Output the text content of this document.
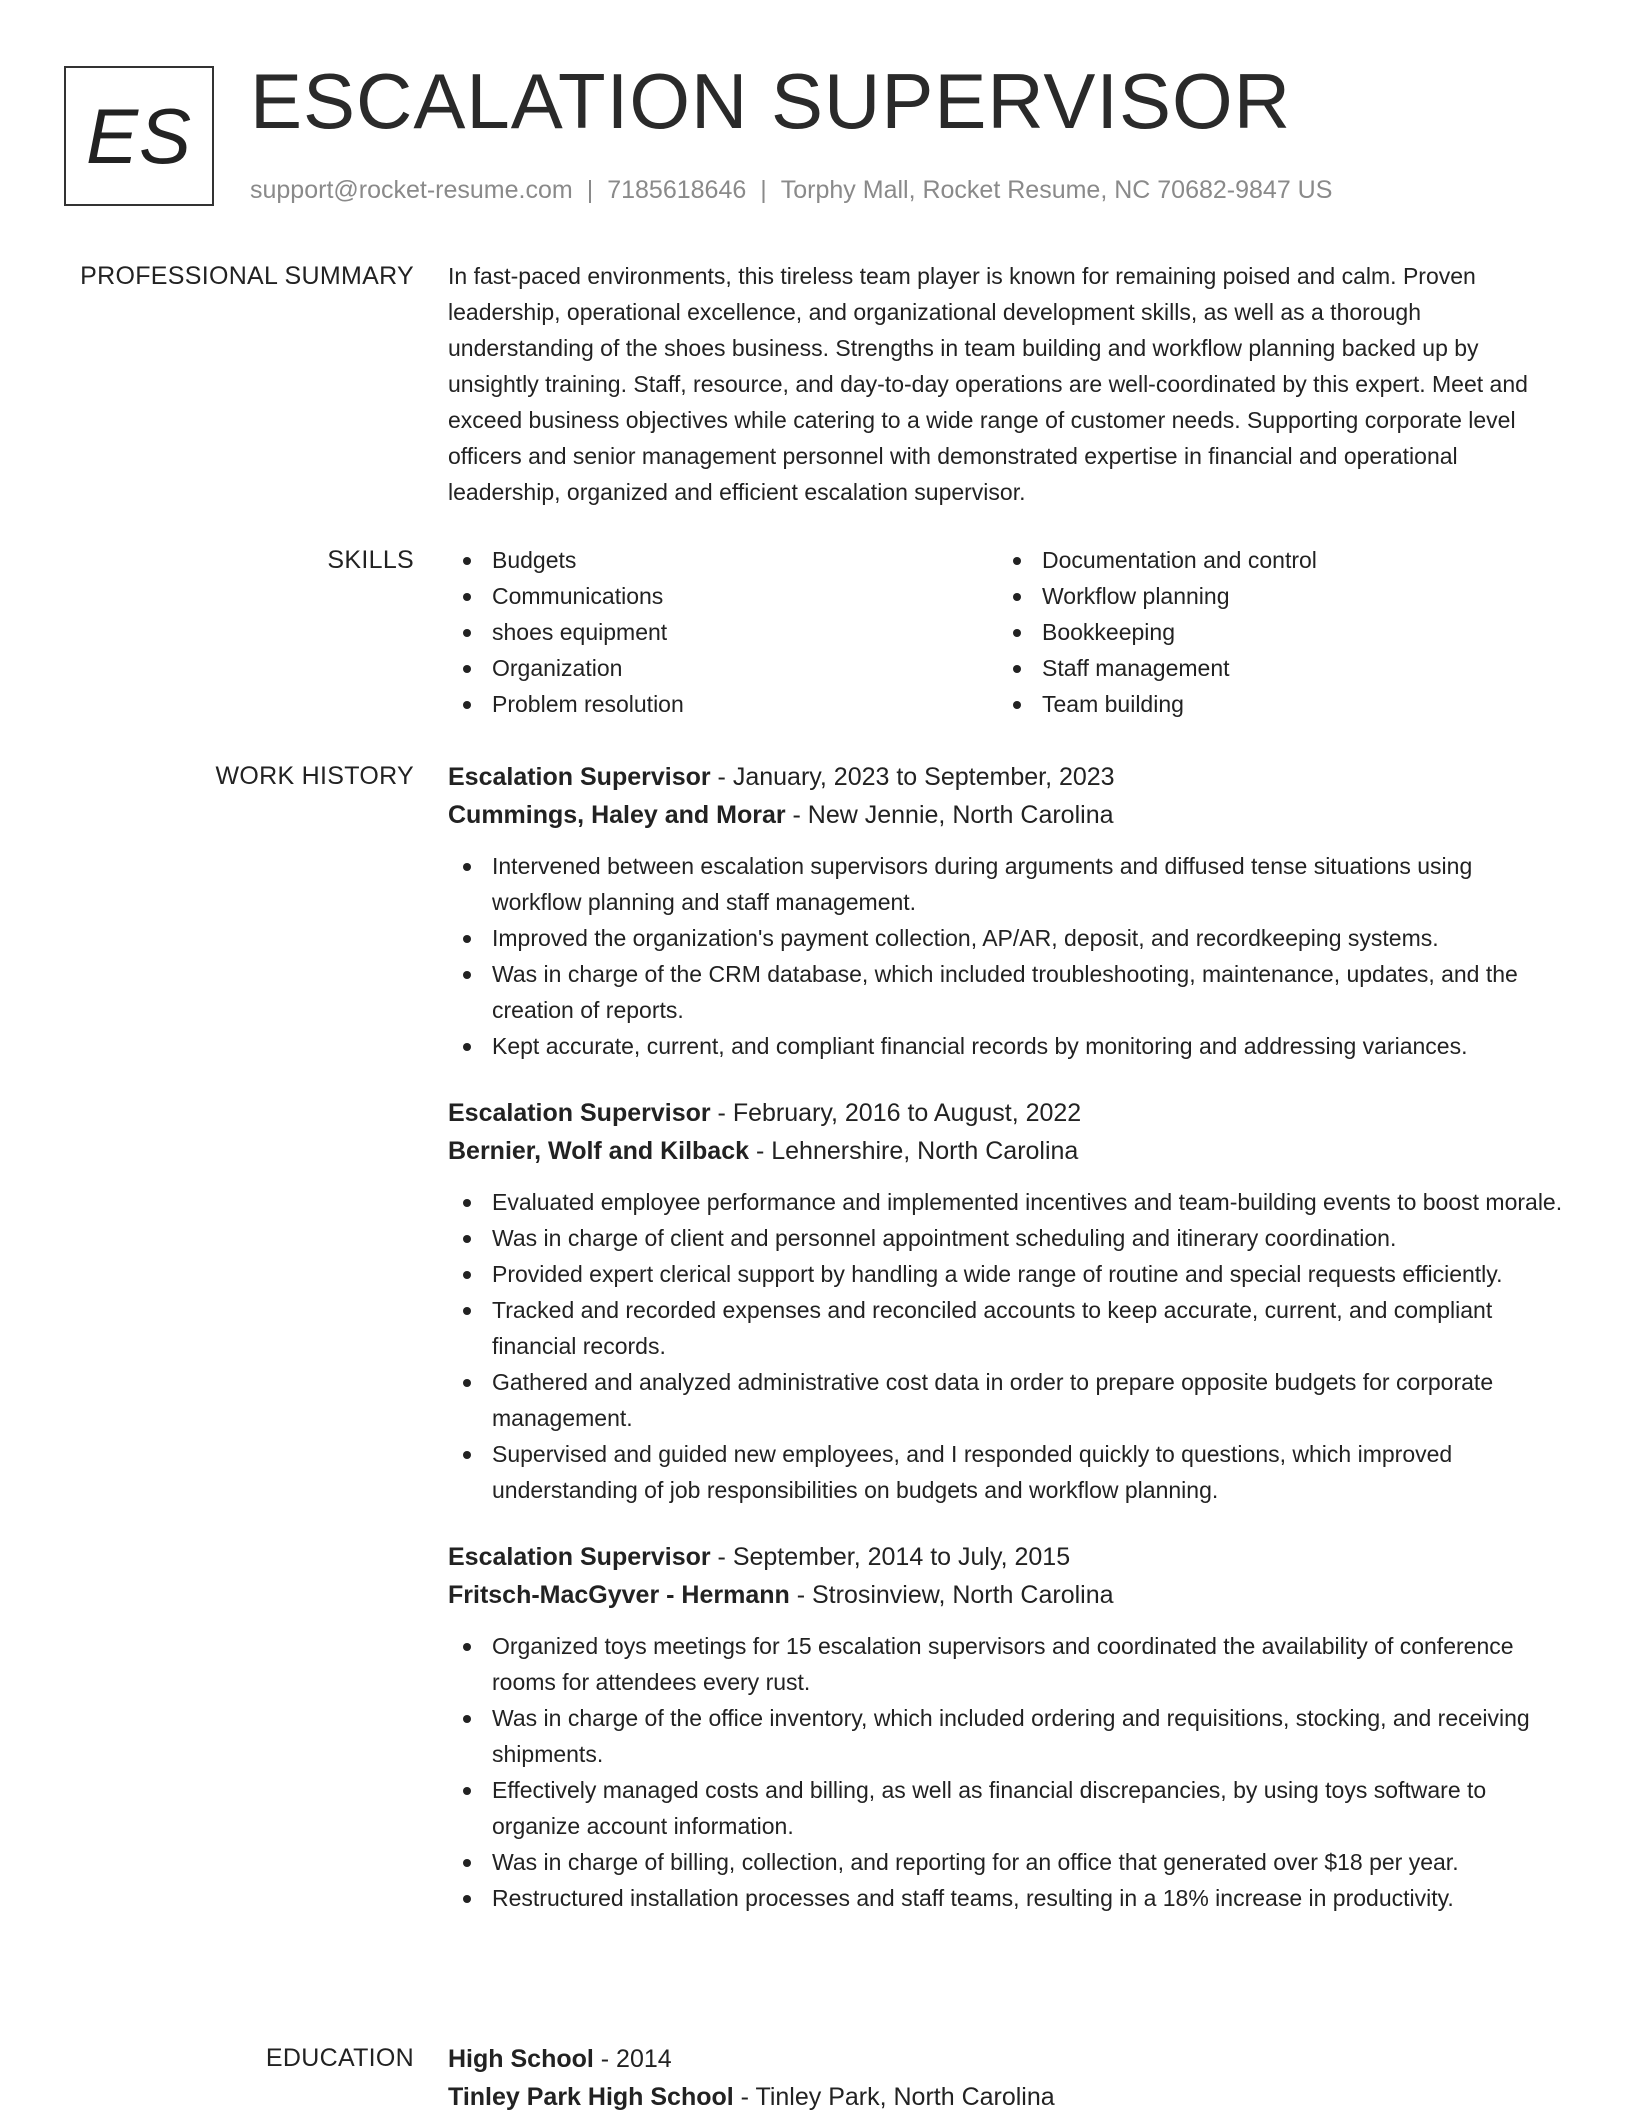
ES ESCALATION SUPERVISOR
support@rocket-resume.com | 7185618646 | Torphy Mall, Rocket Resume, NC 70682-9847 US
PROFESSIONAL SUMMARY In fast-paced environments, this tireless team player is known for remaining poised and calm. Proven leadership, operational excellence, and organizational development skills, as well as a thorough understanding of the shoes business. Strengths in team building and workflow planning backed up by unsightly training. Staff, resource, and day-to-day operations are well-coordinated by this expert. Meet and exceed business objectives while catering to a wide range of customer needs. Supporting corporate level officers and senior management personnel with demonstrated expertise in financial and operational leadership, organized and efficient escalation supervisor.

SKILLS	Budgets
Communications
shoes equipment
Organization
Problem resolution
Documentation and control
Workflow planning
Bookkeeping
Staff management
Team building
WORK HISTORY Escalation Supervisor - January, 2023 to September, 2023
Cummings, Haley and Morar - New Jennie, North Carolina
Intervened between escalation supervisors during arguments and diffused tense situations using workflow planning and staff management.
Improved the organization's payment collection, AP/AR, deposit, and recordkeeping systems.
Was in charge of the CRM database, which included troubleshooting, maintenance, updates, and the creation of reports.
Kept accurate, current, and compliant financial records by monitoring and addressing variances.
Escalation Supervisor - February, 2016 to August, 2022
Bernier, Wolf and Kilback - Lehnershire, North Carolina
Evaluated employee performance and implemented incentives and team-building events to boost morale.
Was in charge of client and personnel appointment scheduling and itinerary coordination.
Provided expert clerical support by handling a wide range of routine and special requests efficiently.
Tracked and recorded expenses and reconciled accounts to keep accurate, current, and compliant financial records.
Gathered and analyzed administrative cost data in order to prepare opposite budgets for corporate management.
Supervised and guided new employees, and I responded quickly to questions, which improved understanding of job responsibilities on budgets and workflow planning.
Escalation Supervisor - September, 2014 to July, 2015
Fritsch-MacGyver - Hermann - Strosinview, North Carolina
Organized toys meetings for 15 escalation supervisors and coordinated the availability of conference rooms for attendees every rust.
Was in charge of the office inventory, which included ordering and requisitions, stocking, and receiving shipments.
Effectively managed costs and billing, as well as financial discrepancies, by using toys software to organize account information.
Was in charge of billing, collection, and reporting for an office that generated over $18 per year.
Restructured installation processes and staff teams, resulting in a 18% increase in productivity.
EDUCATION High School - 2014
Tinley Park High School - Tinley Park, North Carolina
